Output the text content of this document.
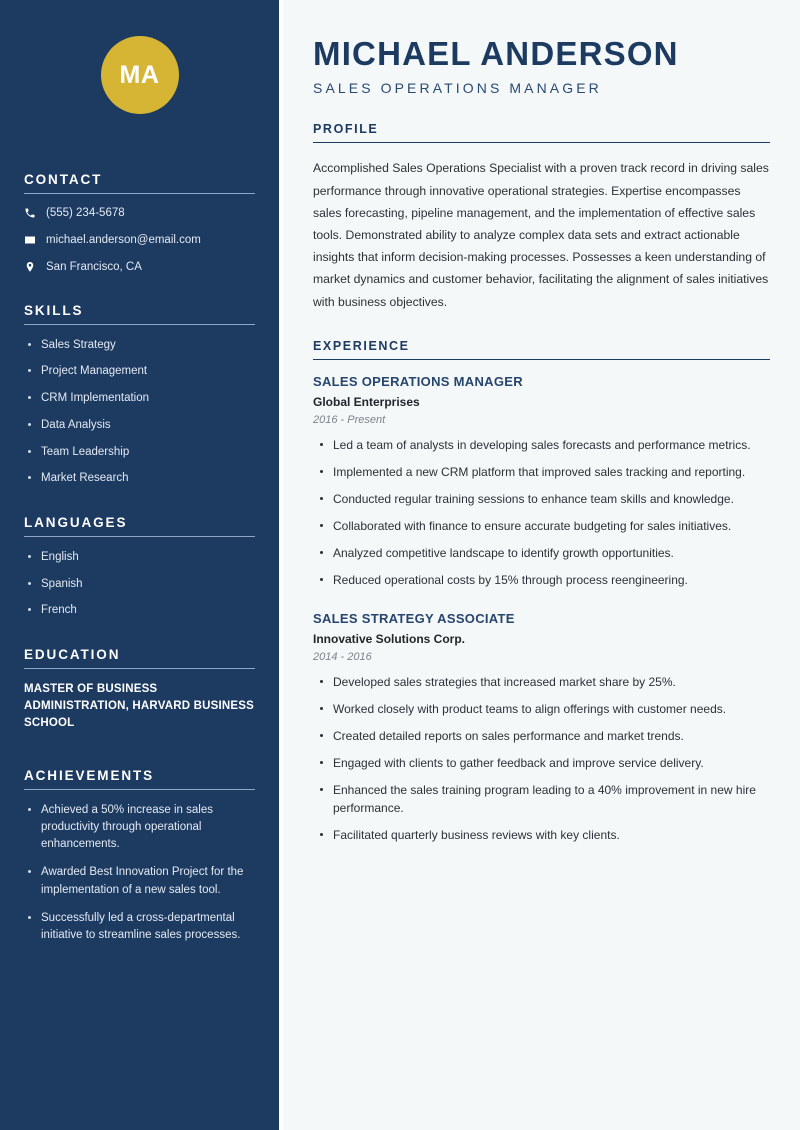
MA
CONTACT
(555) 234-5678
michael.anderson@email.com
San Francisco, CA
SKILLS
Sales Strategy
Project Management
CRM Implementation
Data Analysis
Team Leadership
Market Research
LANGUAGES
English
Spanish
French
EDUCATION
MASTER OF BUSINESS ADMINISTRATION, HARVARD BUSINESS SCHOOL
ACHIEVEMENTS
Achieved a 50% increase in sales productivity through operational enhancements.
Awarded Best Innovation Project for the implementation of a new sales tool.
Successfully led a cross-departmental initiative to streamline sales processes.
MICHAEL ANDERSON
SALES OPERATIONS MANAGER
PROFILE

Accomplished Sales Operations Specialist with a proven track record in driving sales performance through innovative operational strategies. Expertise encompasses sales forecasting, pipeline management, and the implementation of effective sales tools. Demonstrated ability to analyze complex data sets and extract actionable insights that inform decision-making processes. Possesses a keen understanding of market dynamics and customer behavior, facilitating the alignment of sales initiatives with business objectives.

EXPERIENCE
SALES OPERATIONS MANAGER
Global Enterprises
2016 - Present
Led a team of analysts in developing sales forecasts and performance metrics.
Implemented a new CRM platform that improved sales tracking and reporting.
Conducted regular training sessions to enhance team skills and knowledge.
Collaborated with finance to ensure accurate budgeting for sales initiatives.
Analyzed competitive landscape to identify growth opportunities.
Reduced operational costs by 15% through process reengineering.
SALES STRATEGY ASSOCIATE
Innovative Solutions Corp.
2014 - 2016
Developed sales strategies that increased market share by 25%.
Worked closely with product teams to align offerings with customer needs.
Created detailed reports on sales performance and market trends.
Engaged with clients to gather feedback and improve service delivery.
Enhanced the sales training program leading to a 40% improvement in new hire performance.
Facilitated quarterly business reviews with key clients.
